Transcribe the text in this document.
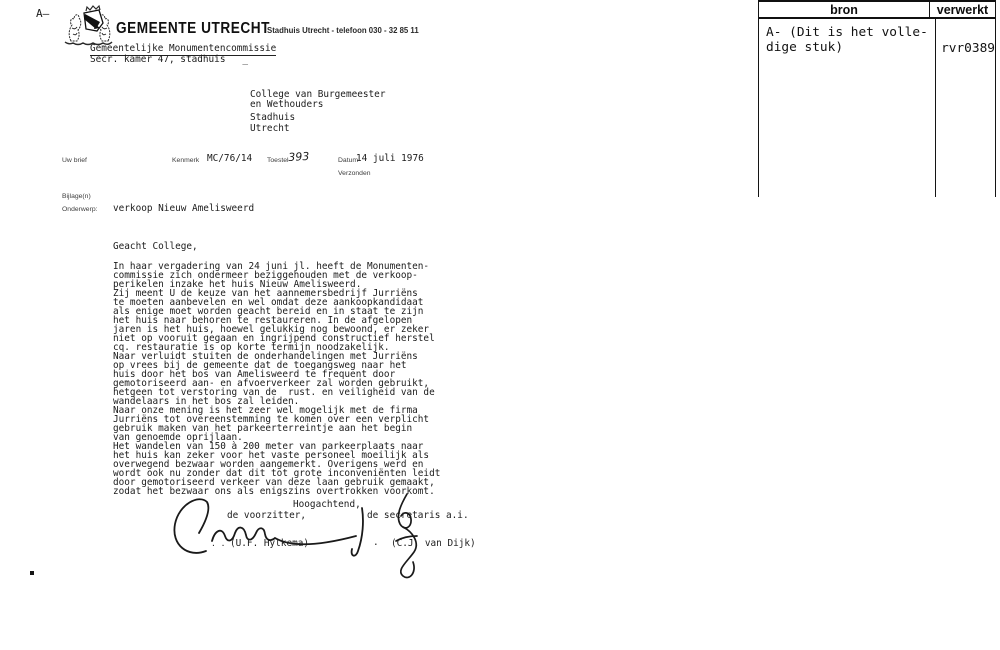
A—
GEMEENTE UTRECHT
Stadhuis Utrecht - telefoon 030 - 32 85 11
Gemeentelijke Monumentencommissie
Secr. kamer 47, stadhuis   _
bron	verwerkt
A- (Dit is het volle-
dige stuk)	rvr0389
College van Burgemeester
en Wethouders
Stadhuis
Utrecht
Uw brief	Kenmerk MC/76/14 Toestel 393	Datum
14 juli 1976
Verzonden
Bijlage(n)
Onderwerp: verkoop Nieuw Amelisweerd
Geacht College,
In haar vergadering van 24 juni jl. heeft de Monumenten-
commissie zich ondermeer beziggehouden met de verkoop-
perikelen inzake het huis Nieuw Amelisweerd.
Zij meent U de keuze van het aannemersbedrijf Jurriëns
te moeten aanbevelen en wel omdat deze aankoopkandidaat
als enige moet worden geacht bereid en in staat te zijn
het huis naar behoren te restaureren. In de afgelopen
jaren is het huis, hoewel gelukkig nog bewoond, er zeker
niet op vooruit gegaan en ingrijpend constructief herstel
cq. restauratie is op korte termijn noodzakelijk.
Naar verluidt stuiten de onderhandelingen met Jurriëns
op vrees bij de gemeente dat de toegangsweg naar het
huis door het bos van Amelisweerd te frequent door
gemotoriseerd aan- en afvoerverkeer zal worden gebruikt,
hetgeen tot verstoring van de  rust. en veiligheid van de
wandelaars in het bos zal leiden.
Naar onze mening is het zeer wel mogelijk met de firma
Jurriëns tot overeenstemming te komen over een verplicht
gebruik maken van het parkeerterreintje aan het begin
van genoemde oprijlaan.
Het wandelen van 150 à 200 meter van parkeerplaats naar
het huis kan zeker voor het vaste personeel moeilijk als
overwegend bezwaar worden aangemerkt. Overigens werd en
wordt ook nu zonder dat dit tot grote inconveniënten leidt
door gemotoriseerd verkeer van deze laan gebruik gemaakt,
zodat het bezwaar ons als enigszins overtrokken voorkomt.
Hoogachtend,
de voorzitter,	de secretaris a.i.
. . (U.F. Hylkema)	. (C.J. van Dijk)
